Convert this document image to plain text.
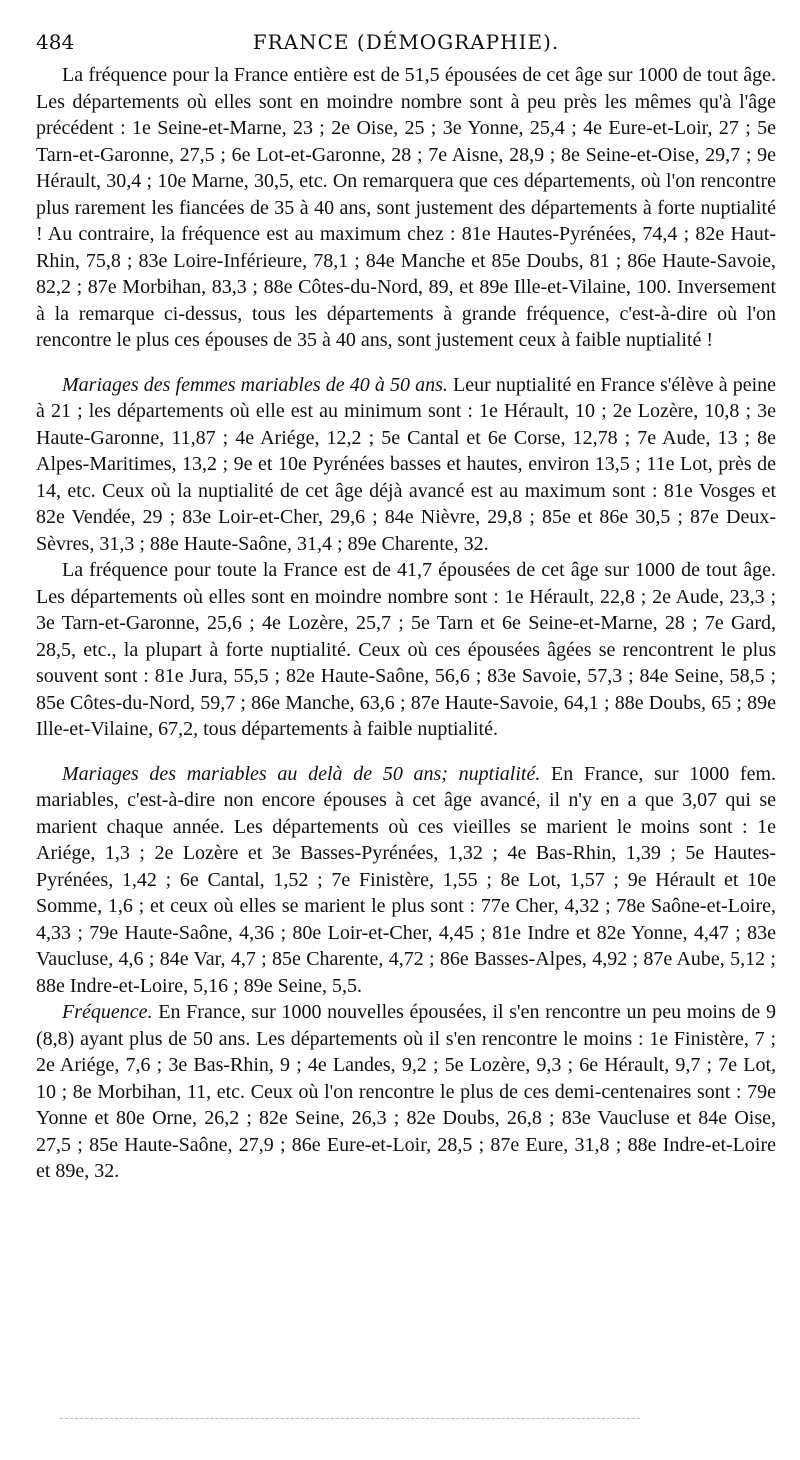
484	FRANCE (DÉMOGRAPHIE).

La fréquence pour la France entière est de 51,5 épousées de cet âge sur 1000 de tout âge. Les départements où elles sont en moindre nombre sont à peu près les mêmes qu'à l'âge précédent : 1e Seine-et-Marne, 23 ; 2e Oise, 25 ; 3e Yonne, 25,4 ; 4e Eure-et-Loir, 27 ; 5e Tarn-et-Garonne, 27,5 ; 6e Lot-et-Garonne, 28 ; 7e Aisne, 28,9 ; 8e Seine-et-Oise, 29,7 ; 9e Hérault, 30,4 ; 10e Marne, 30,5, etc. On remarquera que ces départements, où l'on rencontre plus rarement les fiancées de 35 à 40 ans, sont justement des départements à forte nuptialité ! Au contraire, la fréquence est au maximum chez : 81e Hautes-Pyrénées, 74,4 ; 82e Haut-Rhin, 75,8 ; 83e Loire-Inférieure, 78,1 ; 84e Manche et 85e Doubs, 81 ; 86e Haute-Savoie, 82,2 ; 87e Morbihan, 83,3 ; 88e Côtes-du-Nord, 89, et 89e Ille-et-Vilaine, 100. Inversement à la remarque ci-dessus, tous les départements à grande fréquence, c'est-à-dire où l'on rencontre le plus ces épouses de 35 à 40 ans, sont justement ceux à faible nuptialité !

Mariages des femmes mariables de 40 à 50 ans. Leur nuptialité en France s'élève à peine à 21 ; les départements où elle est au minimum sont : 1e Hérault, 10 ; 2e Lozère, 10,8 ; 3e Haute-Garonne, 11,87 ; 4e Ariége, 12,2 ; 5e Cantal et 6e Corse, 12,78 ; 7e Aude, 13 ; 8e Alpes-Maritimes, 13,2 ; 9e et 10e Pyrénées basses et hautes, environ 13,5 ; 11e Lot, près de 14, etc. Ceux où la nuptialité de cet âge déjà avancé est au maximum sont : 81e Vosges et 82e Vendée, 29 ; 83e Loir-et-Cher, 29,6 ; 84e Nièvre, 29,8 ; 85e et 86e 30,5 ; 87e Deux-Sèvres, 31,3 ; 88e Haute-Saône, 31,4 ; 89e Charente, 32.

La fréquence pour toute la France est de 41,7 épousées de cet âge sur 1000 de tout âge. Les départements où elles sont en moindre nombre sont : 1e Hérault, 22,8 ; 2e Aude, 23,3 ; 3e Tarn-et-Garonne, 25,6 ; 4e Lozère, 25,7 ; 5e Tarn et 6e Seine-et-Marne, 28 ; 7e Gard, 28,5, etc., la plupart à forte nuptialité. Ceux où ces épousées âgées se rencontrent le plus souvent sont : 81e Jura, 55,5 ; 82e Haute-Saône, 56,6 ; 83e Savoie, 57,3 ; 84e Seine, 58,5 ; 85e Côtes-du-Nord, 59,7 ; 86e Manche, 63,6 ; 87e Haute-Savoie, 64,1 ; 88e Doubs, 65 ; 89e Ille-et-Vilaine, 67,2, tous départements à faible nuptialité.

Mariages des mariables au delà de 50 ans; nuptialité. En France, sur 1000 fem. mariables, c'est-à-dire non encore épouses à cet âge avancé, il n'y en a que 3,07 qui se marient chaque année. Les départements où ces vieilles se marient le moins sont : 1e Ariége, 1,3 ; 2e Lozère et 3e Basses-Pyrénées, 1,32 ; 4e Bas-Rhin, 1,39 ; 5e Hautes-Pyrénées, 1,42 ; 6e Cantal, 1,52 ; 7e Finistère, 1,55 ; 8e Lot, 1,57 ; 9e Hérault et 10e Somme, 1,6 ; et ceux où elles se marient le plus sont : 77e Cher, 4,32 ; 78e Saône-et-Loire, 4,33 ; 79e Haute-Saône, 4,36 ; 80e Loir-et-Cher, 4,45 ; 81e Indre et 82e Yonne, 4,47 ; 83e Vaucluse, 4,6 ; 84e Var, 4,7 ; 85e Charente, 4,72 ; 86e Basses-Alpes, 4,92 ; 87e Aube, 5,12 ; 88e Indre-et-Loire, 5,16 ; 89e Seine, 5,5.

Fréquence. En France, sur 1000 nouvelles épousées, il s'en rencontre un peu moins de 9 (8,8) ayant plus de 50 ans. Les départements où il s'en rencontre le moins : 1e Finistère, 7 ; 2e Ariége, 7,6 ; 3e Bas-Rhin, 9 ; 4e Landes, 9,2 ; 5e Lozère, 9,3 ; 6e Hérault, 9,7 ; 7e Lot, 10 ; 8e Morbihan, 11, etc. Ceux où l'on rencontre le plus de ces demi-centenaires sont : 79e Yonne et 80e Orne, 26,2 ; 82e Seine, 26,3 ; 82e Doubs, 26,8 ; 83e Vaucluse et 84e Oise, 27,5 ; 85e Haute-Saône, 27,9 ; 86e Eure-et-Loir, 28,5 ; 87e Eure, 31,8 ; 88e Indre-et-Loire et 89e, 32.
